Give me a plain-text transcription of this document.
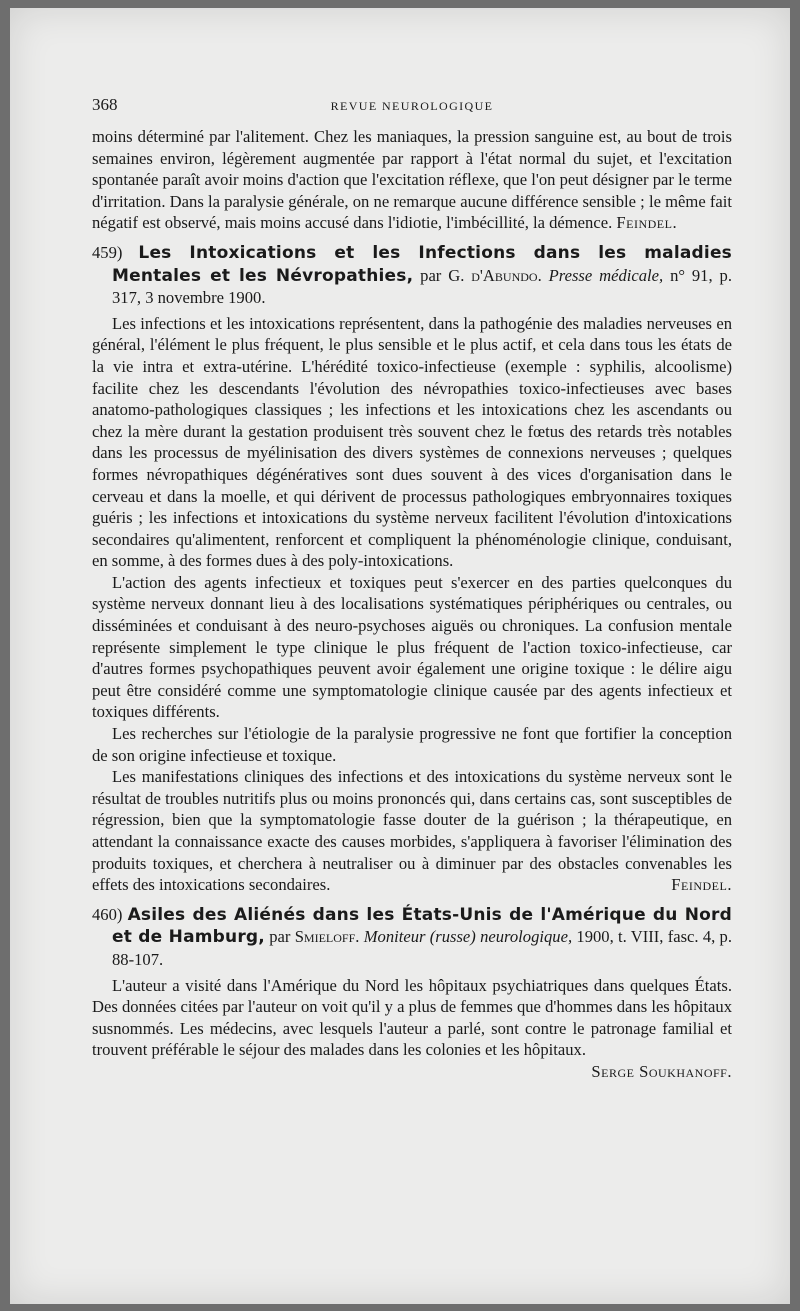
368	REVUE NEUROLOGIQUE

moins déterminé par l'alitement. Chez les maniaques, la pression sanguine est, au bout de trois semaines environ, légèrement augmentée par rapport à l'état normal du sujet, et l'excitation spontanée paraît avoir moins d'action que l'excitation réflexe, que l'on peut désigner par le terme d'irritation. Dans la paralysie générale, on ne remarque aucune différence sensible ; le même fait négatif est observé, mais moins accusé dans l'idiotie, l'imbécillité, la démence. Feindel.

459) Les Intoxications et les Infections dans les maladies Mentales et les Névropathies, par G. d'Abundo. Presse médicale, n° 91, p. 317, 3 novembre 1900.

Les infections et les intoxications représentent, dans la pathogénie des maladies nerveuses en général, l'élément le plus fréquent, le plus sensible et le plus actif, et cela dans tous les états de la vie intra et extra-utérine. L'hérédité toxico-infectieuse (exemple : syphilis, alcoolisme) facilite chez les descendants l'évolution des névropathies toxico-infectieuses avec bases anatomo-pathologiques classiques ; les infections et les intoxications chez les ascendants ou chez la mère durant la gestation produisent très souvent chez le fœtus des retards très notables dans les processus de myélinisation des divers systèmes de connexions nerveuses ; quelques formes névropathiques dégénératives sont dues souvent à des vices d'organisation dans le cerveau et dans la moelle, et qui dérivent de processus pathologiques embryonnaires toxiques guéris ; les infections et intoxications du système nerveux facilitent l'évolution d'intoxications secondaires qu'alimentent, renforcent et compliquent la phénoménologie clinique, conduisant, en somme, à des formes dues à des poly-intoxications.

L'action des agents infectieux et toxiques peut s'exercer en des parties quelconques du système nerveux donnant lieu à des localisations systématiques périphériques ou centrales, ou disséminées et conduisant à des neuro-psychoses aiguës ou chroniques. La confusion mentale représente simplement le type clinique le plus fréquent de l'action toxico-infectieuse, car d'autres formes psychopathiques peuvent avoir également une origine toxique : le délire aigu peut être considéré comme une symptomatologie clinique causée par des agents infectieux et toxiques différents.

Les recherches sur l'étiologie de la paralysie progressive ne font que fortifier la conception de son origine infectieuse et toxique.

Les manifestations cliniques des infections et des intoxications du système nerveux sont le résultat de troubles nutritifs plus ou moins prononcés qui, dans certains cas, sont susceptibles de régression, bien que la symptomatologie fasse douter de la guérison ; la thérapeutique, en attendant la connaissance exacte des causes morbides, s'appliquera à favoriser l'élimination des produits toxiques, et cherchera à neutraliser ou à diminuer par des obstacles convenables les effets des intoxications secondaires.	Feindel.

460) Asiles des Aliénés dans les États-Unis de l'Amérique du Nord et de Hamburg, par Smieloff. Moniteur (russe) neurologique, 1900, t. VIII, fasc. 4, p. 88-107.

L'auteur a visité dans l'Amérique du Nord les hôpitaux psychiatriques dans quelques États. Des données citées par l'auteur on voit qu'il y a plus de femmes que d'hommes dans les hôpitaux susnommés. Les médecins, avec lesquels l'auteur a parlé, sont contre le patronage familial et trouvent préférable le séjour des malades dans les colonies et les hôpitaux.
Serge Soukhanoff.
